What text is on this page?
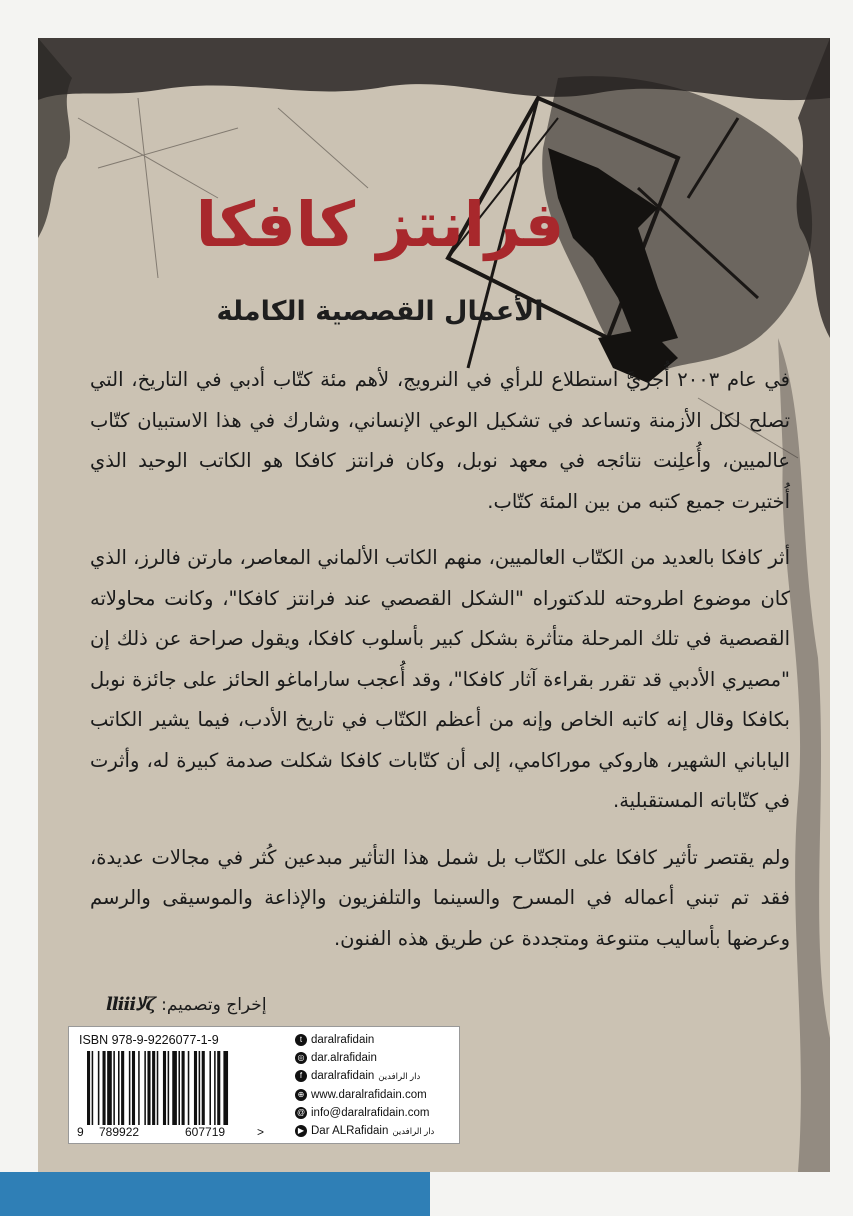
فرانتز كافكا
الأعمال القصصية الكاملة

في عام ٢٠٠٣ أُجريَّ استطلاع للرأي في النرويج، لأهم مئة كتّاب أدبي في التاريخ، التي تصلح لكل الأزمنة وتساعد في تشكيل الوعي الإنساني، وشارك في هذا الاستبيان كتّاب عالميين، وأُعلِنت نتائجه في معهد نوبل، وكان فرانتز كافكا هو الكاتب الوحيد الذي أُختيرت جميع كتبه من بين المئة كتّاب.

أثر كافكا بالعديد من الكتّاب العالميين، منهم الكاتب الألماني المعاصر، مارتن فالرز، الذي كان موضوع اطروحته للدكتوراه "الشكل القصصي عند فرانتز كافكا"، وكانت محاولاته القصصية في تلك المرحلة متأثرة بشكل كبير بأسلوب كافكا، ويقول صراحة عن ذلك إن "مصيري الأدبي قد تقرر بقراءة آثار كافكا"، وقد أُعجب ساراماغو الحائز على جائزة نوبل بكافكا وقال إنه كاتبه الخاص وإنه من أعظم الكتّاب في تاريخ الأدب، فيما يشير الكاتب الياباني الشهير، هاروكي موراكامي، إلى أن كتّابات كافكا شكلت صدمة كبيرة له، وأثرت في كتّاباته المستقبلية.

ولم يقتصر تأثير كافكا على الكتّاب بل شمل هذا التأثير مبدعين كُثر في مجالات عديدة، فقد تم تبني أعماله في المسرح والسينما والتلفزيون والإذاعة والموسيقى والرسم وعرضها بأساليب متنوعة ومتجددة عن طريق هذه الفنون.

إخراج وتصميم:
ζلاlliii
ISBN 978-9-9226077-1-9
9 789922	607719	>
t daralrafidain
◎ dar.alrafidain
f daralrafidain دار الرافدين
⊕ www.daralrafidain.com
@ info@daralrafidain.com
▶ Dar ALRafidain دار الرافدين
